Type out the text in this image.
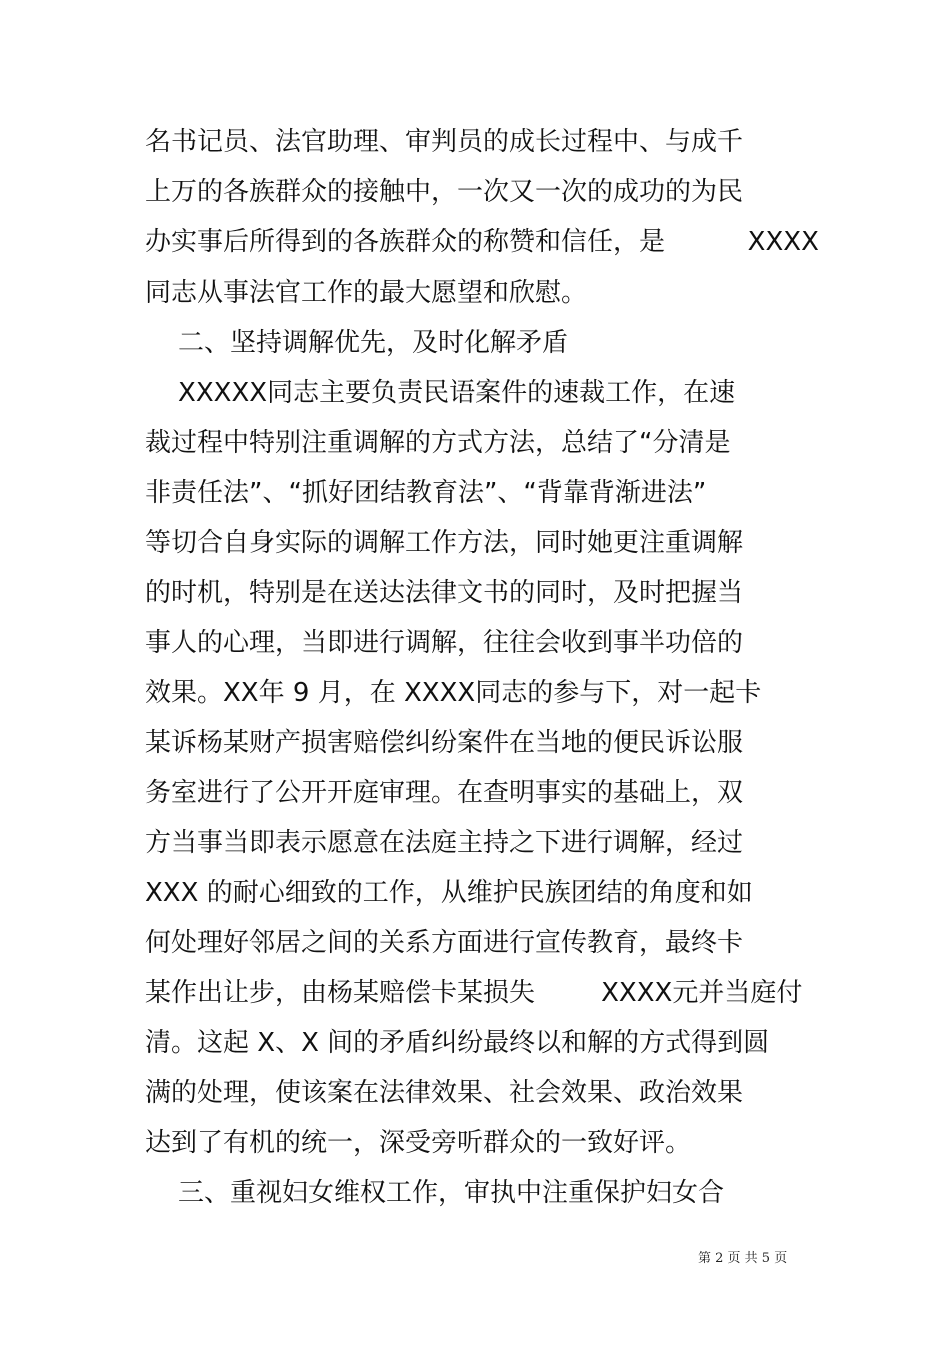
名书记员、法官助理、审判员的成长过程中、与成千
上万的各族群众的接触中，一次又一次的成功的为民
办实事后所得到的各族群众的称赞和信任，是          XXXX
同志从事法官工作的最大愿望和欣慰。
二、坚持调解优先，及时化解矛盾
XXXXX同志主要负责民语案件的速裁工作，在速
裁过程中特别注重调解的方式方法，总结了“分清是
非责任法”、“抓好团结教育法”、“背靠背渐进法”
等切合自身实际的调解工作方法，同时她更注重调解
的时机，特别是在送达法律文书的同时，及时把握当
事人的心理，当即进行调解，往往会收到事半功倍的
效果。XX年 9 月，在 XXXX同志的参与下，对一起卡
某诉杨某财产损害赔偿纠纷案件在当地的便民诉讼服
务室进行了公开开庭审理。在查明事实的基础上，双
方当事当即表示愿意在法庭主持之下进行调解，经过
XXX 的耐心细致的工作，从维护民族团结的角度和如
何处理好邻居之间的关系方面进行宣传教育，最终卡
某作出让步，由杨某赔偿卡某损失        XXXX元并当庭付
清。这起 X、X 间的矛盾纠纷最终以和解的方式得到圆
满的处理，使该案在法律效果、社会效果、政治效果
达到了有机的统一，深受旁听群众的一致好评。
三、重视妇女维权工作，审执中注重保护妇女合
第 2 页 共 5 页
